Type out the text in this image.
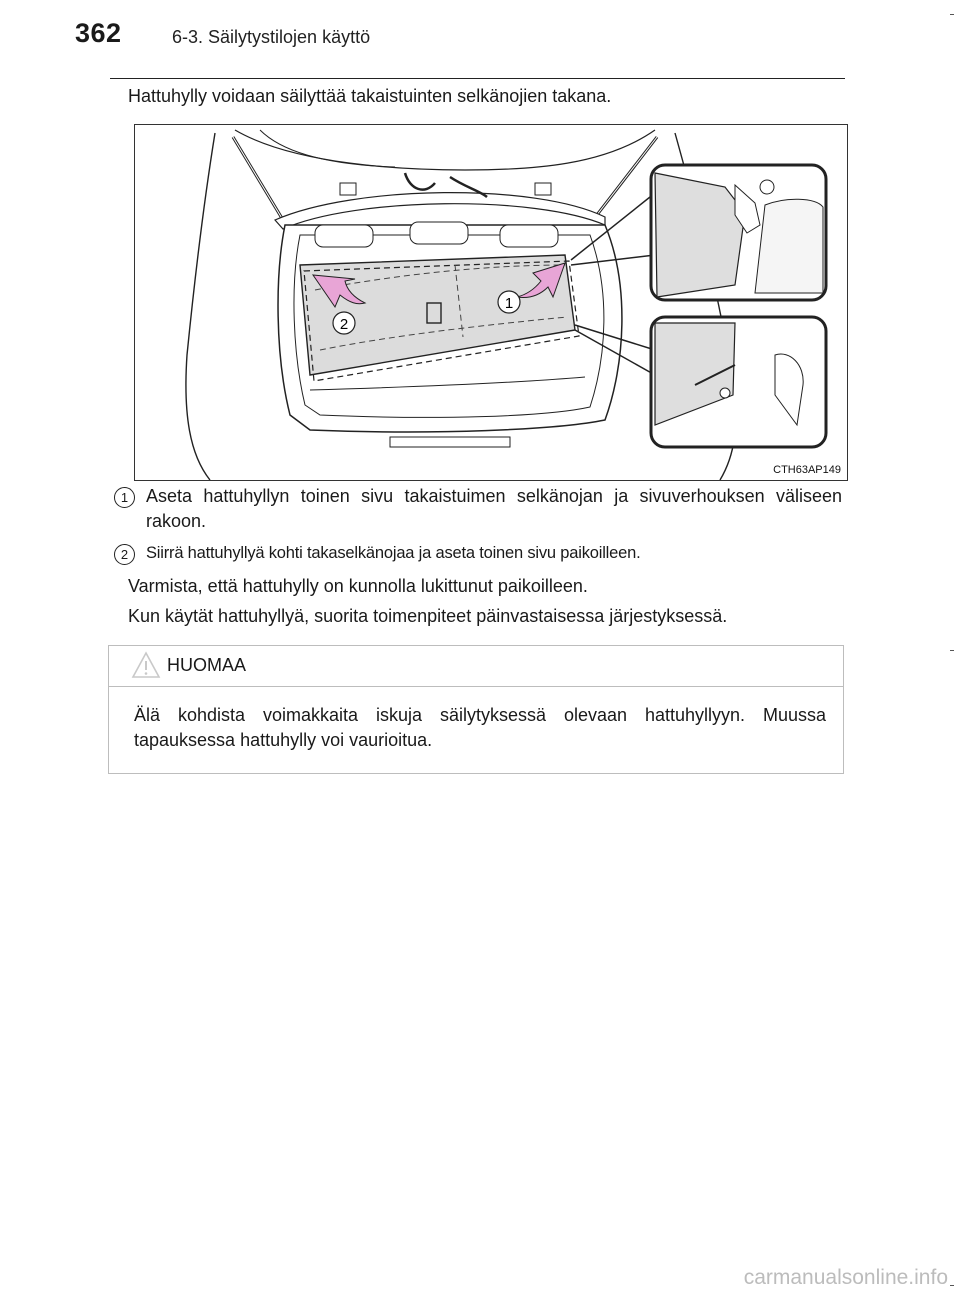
362	6-3. Säilytystilojen käyttö
Hattuhylly voidaan säilyttää takaistuinten selkänojien takana.
2
1
CTH63AP149
1 Aseta hattuhyllyn toinen sivu takaistuimen selkänojan ja sivuverhouksen väliseen rakoon.
2	Siirrä hattuhyllyä kohti takaselkänojaa ja aseta toinen sivu paikoilleen.
Varmista, että hattuhylly on kunnolla lukittunut paikoilleen.
Kun käytät hattuhyllyä, suorita toimenpiteet päinvastaisessa järjestyksessä.
HUOMAA
Älä kohdista voimakkaita iskuja säilytyksessä olevaan hattuhyllyyn. Muussa tapauksessa hattuhylly voi vaurioitua.
carmanualsonline.info
